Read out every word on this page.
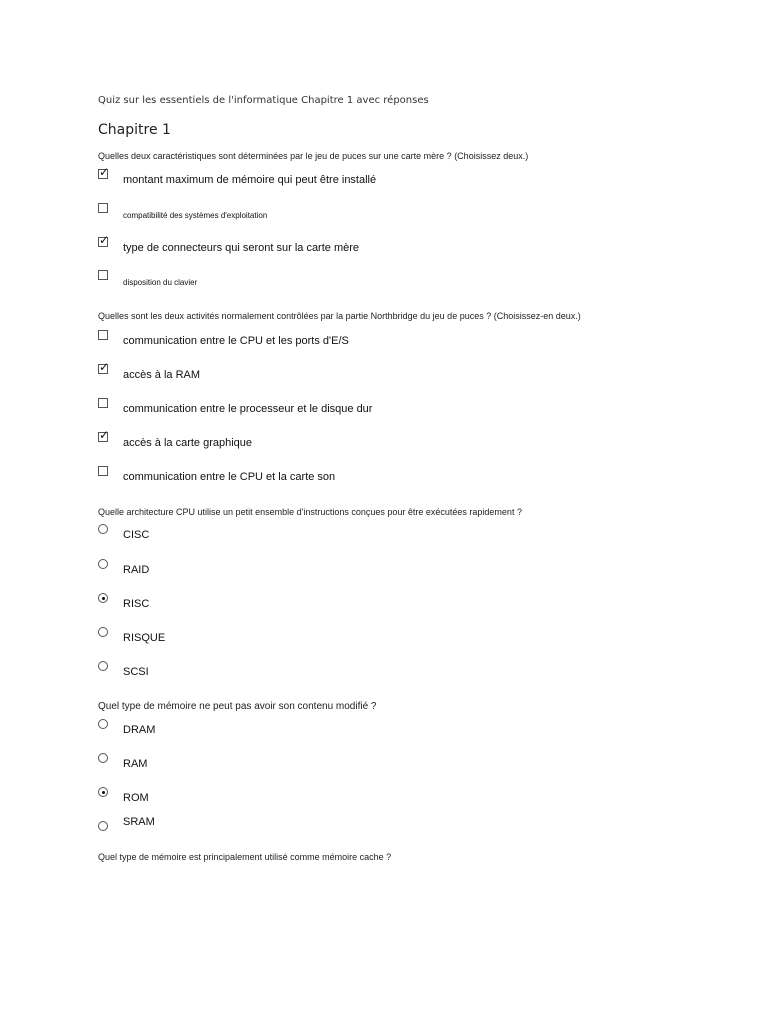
Quiz sur les essentiels de l'informatique Chapitre 1 avec réponses
Chapitre 1
Quelles deux caractéristiques sont déterminées par le jeu de puces sur une carte mère ? (Choisissez deux.)
✓
montant maximum de mémoire qui peut être installé
compatibilité des systèmes d'exploitation
✓
type de connecteurs qui seront sur la carte mère
disposition du clavier
Quelles sont les deux activités normalement contrôlées par la partie Northbridge du jeu de puces ? (Choisissez-en deux.)
communication entre le CPU et les ports d'E/S
✓
accès à la RAM
communication entre le processeur et le disque dur
✓
accès à la carte graphique
communication entre le CPU et la carte son
Quelle architecture CPU utilise un petit ensemble d'instructions conçues pour être exécutées rapidement ?
CISC
RAID
RISC
RISQUE
SCSI
Quel type de mémoire ne peut pas avoir son contenu modifié ?
DRAM
RAM
ROM
SRAM
Quel type de mémoire est principalement utilisé comme mémoire cache ?
